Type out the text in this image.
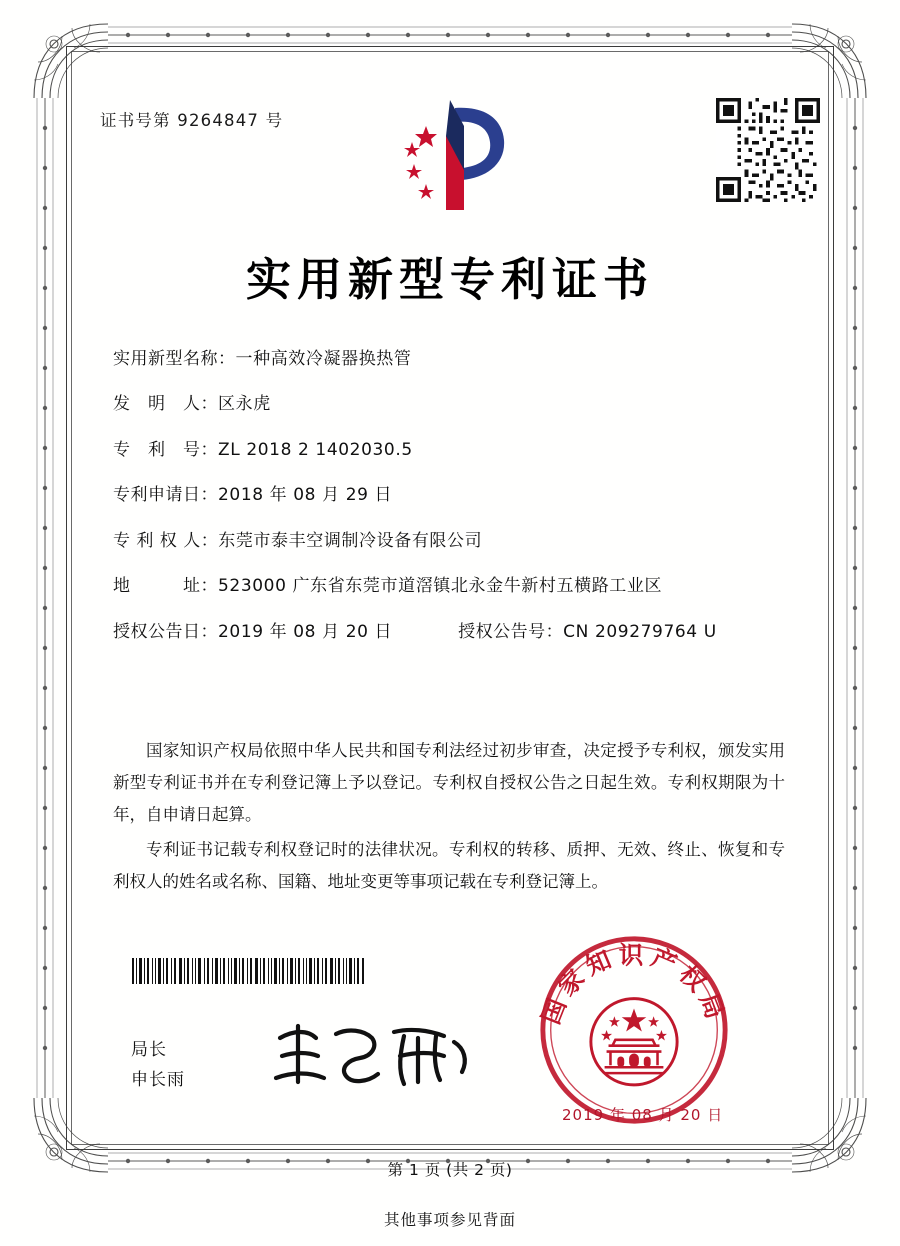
证书号第 9264847 号
实用新型专利证书
实用新型名称： 一种高效冷凝器换热管
发　明　人： 区永虎
专　利　号： ZL 2018 2 1402030.5
专利申请日： 2018 年 08 月 29 日
专 利 权 人： 东莞市泰丰空调制冷设备有限公司
地　　　址： 523000 广东省东莞市道滘镇北永金牛新村五横路工业区
授权公告日： 2019 年 08 月 20 日	授权公告号： CN 209279764 U

国家知识产权局依照中华人民共和国专利法经过初步审查，决定授予专利权，颁发实用新型专利证书并在专利登记簿上予以登记。专利权自授权公告之日起生效。专利权期限为十年，自申请日起算。

专利证书记载专利权登记时的法律状况。专利权的转移、质押、无效、终止、恢复和专利权人的姓名或名称、国籍、地址变更等事项记载在专利登记簿上。

局长
申长雨
国家知识产权局
2019 年 08 月 20 日
第 1 页 (共 2 页)
其他事项参见背面
